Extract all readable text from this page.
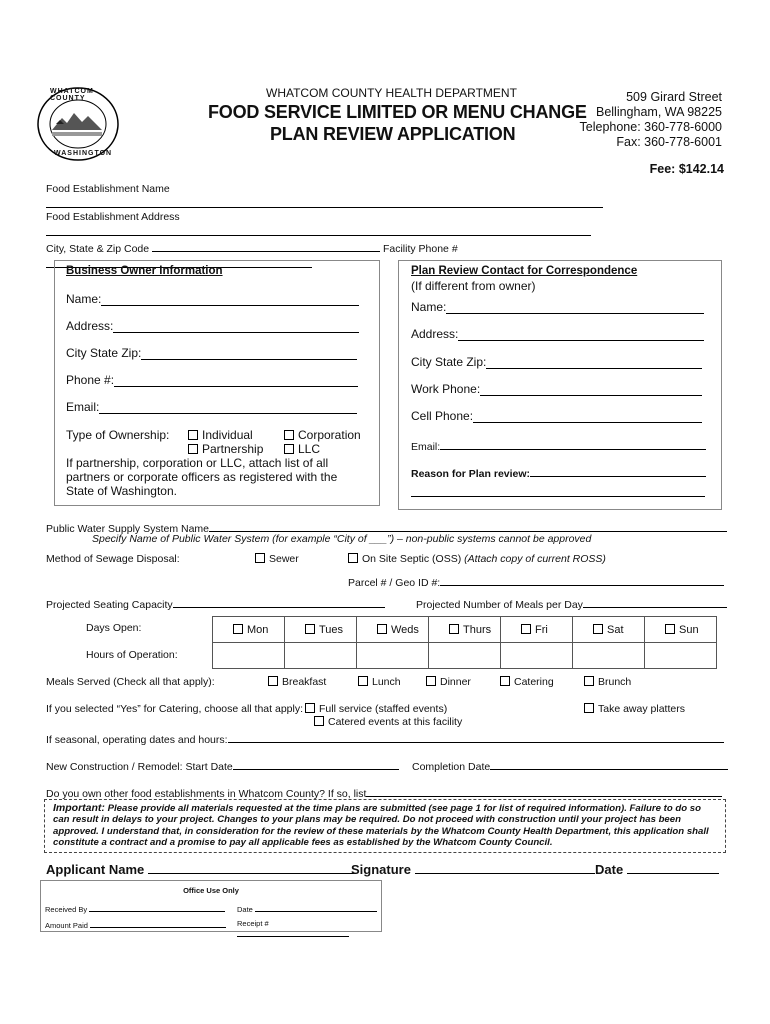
WHATCOM COUNTY
WASHINGTON
WHATCOM COUNTY HEALTH DEPARTMENT
FOOD SERVICE LIMITED OR MENU CHANGE
PLAN REVIEW APPLICATION
509 Girard Street
Bellingham, WA 98225
Telephone: 360-778-6000
Fax: 360-778-6001
Fee: $142.14
Food Establishment Name
Food Establishment Address
City, State & Zip Code	Facility Phone #
Business Owner Information
Name:
Address:
City State Zip:
Phone #:
Email:
Type of Ownership:	Individual	Corporation
Partnership	LLC
If partnership, corporation or LLC, attach list of all partners or corporate officers as registered with the State of Washington.
Plan Review Contact for Correspondence
(If different from owner)
Name:
Address:
City State Zip:
Work Phone:
Cell Phone:
Email:
Reason for Plan review:
Public Water Supply System Name
Specify Name of Public Water System (for example “City of ___”) – non-public systems cannot be approved
Method of Sewage Disposal:	Sewer	On Site Septic (OSS) (Attach copy of current ROSS)
Parcel # / Geo ID #:
Projected Seating Capacity	Projected Number of Meals per Day
Days Open:
Hours of Operation:
Mon	Tues	Weds	Thurs	Fri	Sat	Sun

Meals Served (Check all that apply):	Breakfast	Lunch	Dinner	Catering	Brunch
If you selected “Yes” for Catering, choose all that apply:	Full service (staffed events)	Take away platters
Catered events at this facility
If seasonal, operating dates and hours:
New Construction / Remodel: Start Date	Completion Date
Do you own other food establishments in Whatcom County? If so, list
Important: Please provide all materials requested at the time plans are submitted (see page 1 for list of required information). Failure to do so can result in delays to your project. Changes to your plans may be required. Do not proceed with construction until your project has been approved. I understand that, in consideration for the review of these materials by the Whatcom County Health Department, this application shall constitute a contract and a promise to pay all applicable fees as established by the Whatcom County Council.
Applicant Name	Signature	Date
Office Use Only
Received By	Date
Amount Paid	Receipt #
